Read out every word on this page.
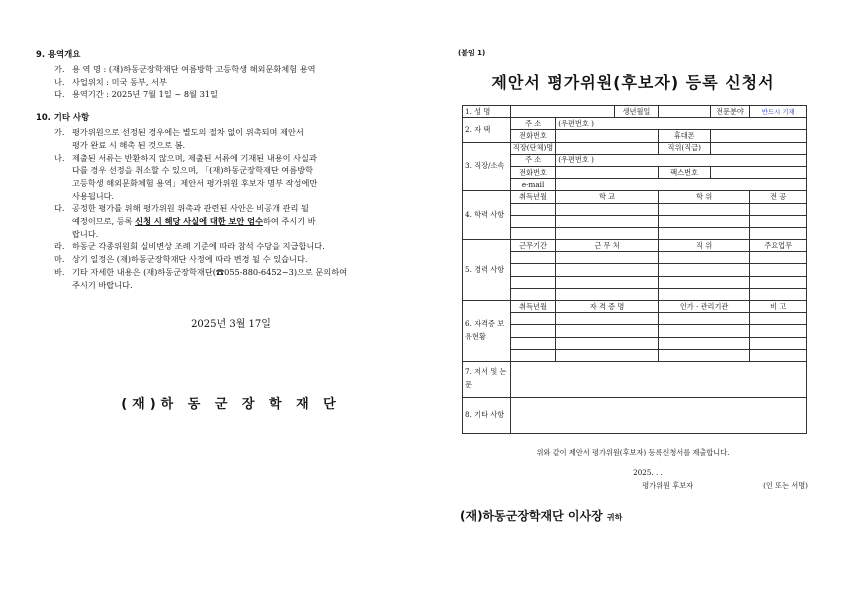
9. 용역개요
가. 용 역 명 : (재)하동군장학재단 여름방학 고등학생 해외문화체험 용역
나. 사업위치 : 미국 동부, 서부
다. 용역기간 : 2025년 7월 1일 ~ 8월 31일
10. 기타 사항
가. 평가위원으로 선정된 경우에는 별도의 절차 없이 위촉되며 제안서
평가 완료 시 해촉 된 것으로 봄.
나. 제출된 서류는 반환하지 않으며, 제출된 서류에 기재된 내용이 사실과
다를 경우 선정을 취소할 수 있으며, 「(재)하동군장학재단 여름방학
고등학생 해외문화체험 용역」제안서 평가위원 후보자 명부 작성에만
사용됩니다.
다. 공정한 평가를 위해 평가위원 위촉과 관련된 사안은 비공개 관리 될
예정이므로, 등록 신청 시 해당 사실에 대한 보안 엄수하여 주시기 바
랍니다.
라. 하동군 각종위원회 실비변상 조례 기준에 따라 참석 수당을 지급합니다.
마. 상기 일정은 (재)하동군장학재단 사정에 따라 변경 될 수 있습니다.
바. 기타 자세한 내용은 (재)하동군장학재단(☎055-880-6452~3)으로 문의하여
주시기 바랍니다.
2025년 3월 17일
(재)하 동 군 장 학 재 단
(붙임 1)
제안서 평가위원(후보자) 등록 신청서
1. 성 명			생년월일		전문분야	반드시 기재
2. 자 택	주 소	(우편번호 )				
	전화번호			휴대폰		
3. 직장/소속	직장(단체)명			직위(직급)		
	주 소	(우편번호 )				
	전화번호			팩스번호		
	e-mail					
4. 학력 사항	취득년월	학 교		학 위		전 공

5. 경력 사항	근무기간	근 무 처		직 위		주요업무

6. 자격증 보유현황	취득년월	자 격 증 명		인가 · 관리기관		비 고

7. 저서 및 논문						
8. 기타 사항						
위와 같이 제안서 평가위원(후보자) 등록신청서를 제출합니다.
2025. . .
평가위원 후보자	(인 또는 서명)
(재)하동군장학재단 이사장 귀하
